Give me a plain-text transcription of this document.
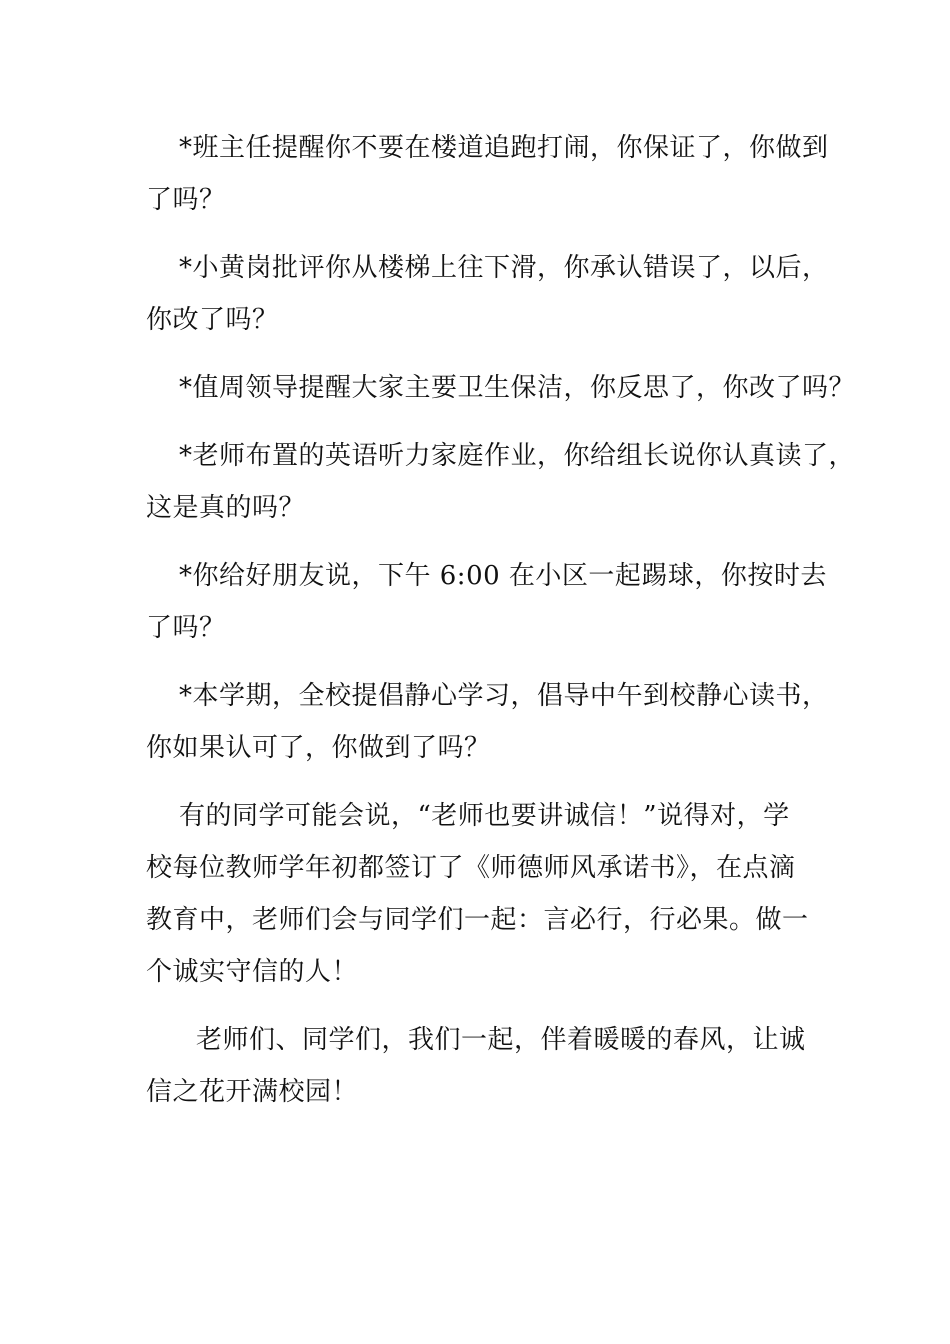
*班主任提醒你不要在楼道追跑打闹，你保证了，你做到
了吗？

*小黄岗批评你从楼梯上往下滑，你承认错误了，以后，
你改了吗？

*值周领导提醒大家主要卫生保洁，你反思了，你改了吗？

*老师布置的英语听力家庭作业，你给组长说你认真读了，
这是真的吗？

*你给好朋友说，下午 6:00 在小区一起踢球，你按时去
了吗？

*本学期，全校提倡静心学习，倡导中午到校静心读书，
你如果认可了，你做到了吗？

有的同学可能会说，“老师也要讲诚信！”说得对，学
校每位教师学年初都签订了《师德师风承诺书》，在点滴
教育中，老师们会与同学们一起：言必行，行必果。做一
个诚实守信的人！

老师们、同学们，我们一起，伴着暖暖的春风，让诚
信之花开满校园！
